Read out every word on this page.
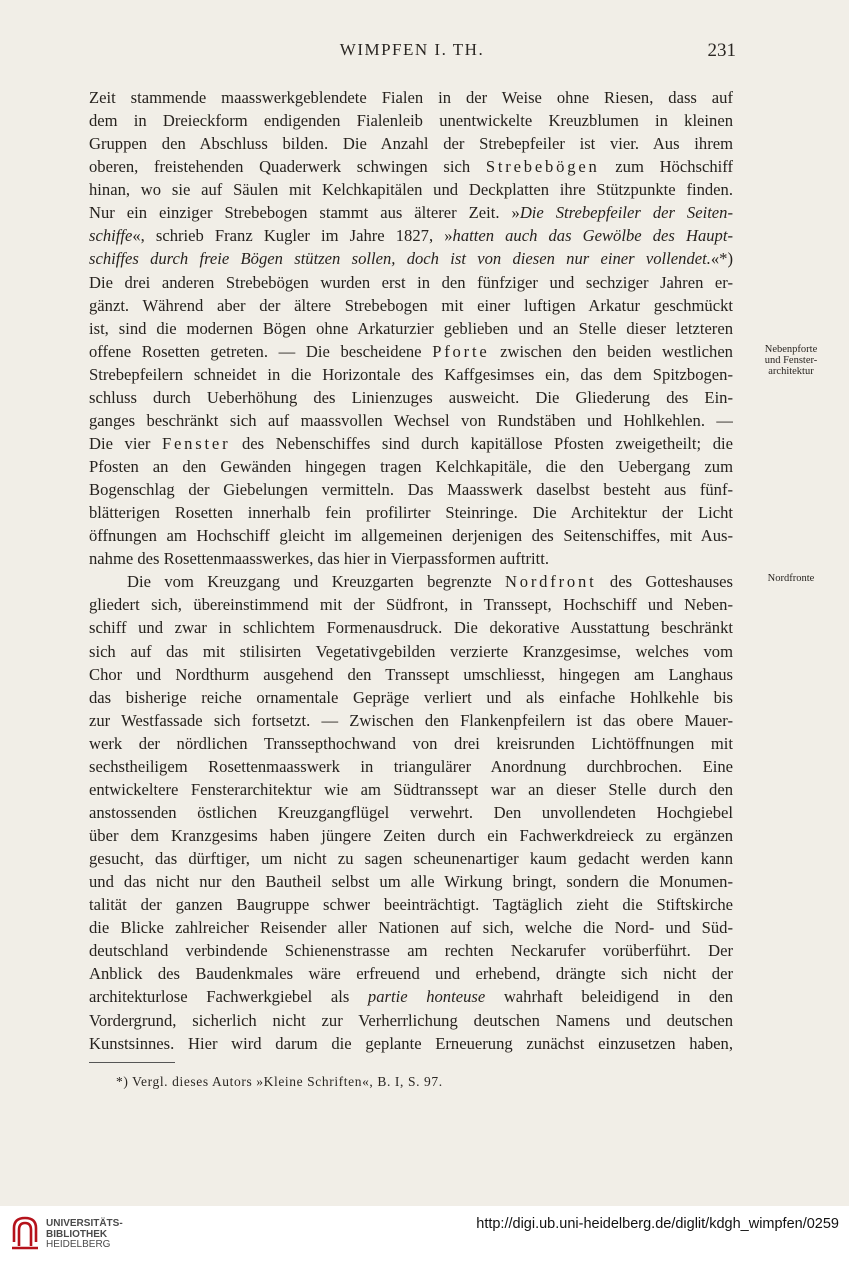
WIMPFEN I. TH.	231
Zeit stammende maasswerkgeblendete Fialen in der Weise ohne Riesen, dass auf
dem in Dreieckform endigenden Fialenleib unentwickelte Kreuzblumen in kleinen
Gruppen den Abschluss bilden. Die Anzahl der Strebepfeiler ist vier. Aus ihrem
oberen, freistehenden Quaderwerk schwingen sich Strebebögen zum Höchschiff
hinan, wo sie auf Säulen mit Kelchkapitälen und Deckplatten ihre Stützpunkte finden.
Nur ein einziger Strebebogen stammt aus älterer Zeit. »Die Strebepfeiler der Seiten-
schiffe«, schrieb Franz Kugler im Jahre 1827, »hatten auch das Gewölbe des Haupt-
schiffes durch freie Bögen stützen sollen, doch ist von diesen nur einer vollendet.«*)
Die drei anderen Strebebögen wurden erst in den fünfziger und sechziger Jahren er-
gänzt. Während aber der ältere Strebebogen mit einer luftigen Arkatur geschmückt
ist, sind die modernen Bögen ohne Arkaturzier geblieben und an Stelle dieser letzteren
offene Rosetten getreten. — Die bescheidene Pforte zwischen den beiden westlichen
Strebepfeilern schneidet in die Horizontale des Kaffgesimses ein, das dem Spitzbogen-
schluss durch Ueberhöhung des Linienzuges ausweicht. Die Gliederung des Ein-
ganges beschränkt sich auf maassvollen Wechsel von Rundstäben und Hohlkehlen. —
Die vier Fenster des Nebenschiffes sind durch kapitällose Pfosten zweigetheilt; die
Pfosten an den Gewänden hingegen tragen Kelchkapitäle, die den Uebergang zum
Bogenschlag der Giebelungen vermitteln. Das Maasswerk daselbst besteht aus fünf-
blätterigen Rosetten innerhalb fein profilirter Steinringe. Die Architektur der Licht
öffnungen am Hochschiff gleicht im allgemeinen derjenigen des Seitenschiffes, mit Aus-
nahme des Rosettenmaasswerkes, das hier in Vierpassformen auftritt.
Die vom Kreuzgang und Kreuzgarten begrenzte Nordfront des Gotteshauses
gliedert sich, übereinstimmend mit der Südfront, in Transsept, Hochschiff und Neben-
schiff und zwar in schlichtem Formenausdruck. Die dekorative Ausstattung beschränkt
sich auf das mit stilisirten Vegetativgebilden verzierte Kranzgesimse, welches vom
Chor und Nordthurm ausgehend den Transsept umschliesst, hingegen am Langhaus
das bisherige reiche ornamentale Gepräge verliert und als einfache Hohlkehle bis
zur Westfassade sich fortsetzt. — Zwischen den Flankenpfeilern ist das obere Mauer-
werk der nördlichen Transsepthochwand von drei kreisrunden Lichtöffnungen mit
sechstheiligem Rosettenmaasswerk in triangulärer Anordnung durchbrochen. Eine
entwickeltere Fensterarchitektur wie am Südtranssept war an dieser Stelle durch den
anstossenden östlichen Kreuzgangflügel verwehrt. Den unvollendeten Hochgiebel
über dem Kranzgesims haben jüngere Zeiten durch ein Fachwerkdreieck zu ergänzen
gesucht, das dürftiger, um nicht zu sagen scheunenartiger kaum gedacht werden kann
und das nicht nur den Bautheil selbst um alle Wirkung bringt, sondern die Monumen-
talität der ganzen Baugruppe schwer beeinträchtigt. Tagtäglich zieht die Stiftskirche
die Blicke zahlreicher Reisender aller Nationen auf sich, welche die Nord- und Süd-
deutschland verbindende Schienenstrasse am rechten Neckarufer vorüberführt. Der
Anblick des Baudenkmales wäre erfreuend und erhebend, drängte sich nicht der
architekturlose Fachwerkgiebel als partie honteuse wahrhaft beleidigend in den
Vordergrund, sicherlich nicht zur Verherrlichung deutschen Namens und deutschen
Kunstsinnes. Hier wird darum die geplante Erneuerung zunächst einzusetzen haben,
Nebenpforte
und Fenster-
architektur
Nordfronte
*) Vergl. dieses Autors »Kleine Schriften«, B. I, S. 97.
UNIVERSITÄTS-
BIBLIOTHEK
HEIDELBERG
http://digi.ub.uni-heidelberg.de/diglit/kdgh_wimpfen/0259
